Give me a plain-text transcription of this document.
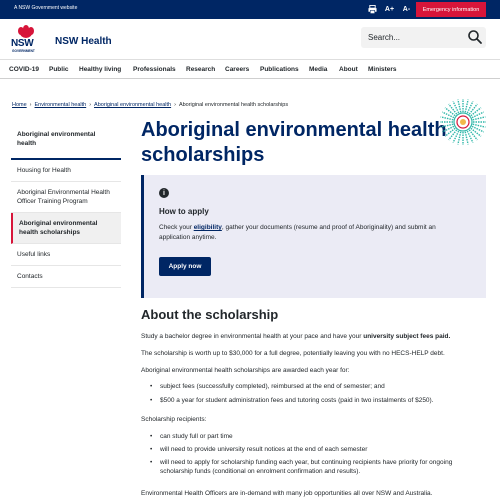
A NSW Government website	A+ A-	Emergency information
NSW
GOVERNMENT
NSW Health	Search...
COVID-19 Public Healthy living Professionals Research Careers Publications Media About Ministers
Home › Environmental health › Aboriginal environmental health › Aboriginal environmental health scholarships
Aboriginal environmental health
Housing for Health
Aboriginal Environmental Health Officer Training Program
Aboriginal environmental health scholarships
Useful links
Contacts
Aboriginal environmental health scholarships
i
How to apply

Check your eligibility, gather your documents (resume and proof of Aboriginality) and submit an application anytime.

Apply now
About the scholarship

Study a bachelor degree in environmental health at your pace and have your university subject fees paid.

The scholarship is worth up to $30,000 for a full degree, potentially leaving you with no HECS-HELP debt.

Aboriginal environmental health scholarships are awarded each year for:

• subject fees (successfully completed), reimbursed at the end of semester; and
• $500 a year for student administration fees and tutoring costs (paid in two instalments of $250).

Scholarship recipients:

• can study full or part time
• will need to provide university result notices at the end of each semester
• will need to apply for scholarship funding each year, but continuing recipients have priority for ongoing scholarship funds (conditional on enrolment confirmation and results).

Environmental Health Officers are in-demand with many job opportunities all over NSW and Australia.
